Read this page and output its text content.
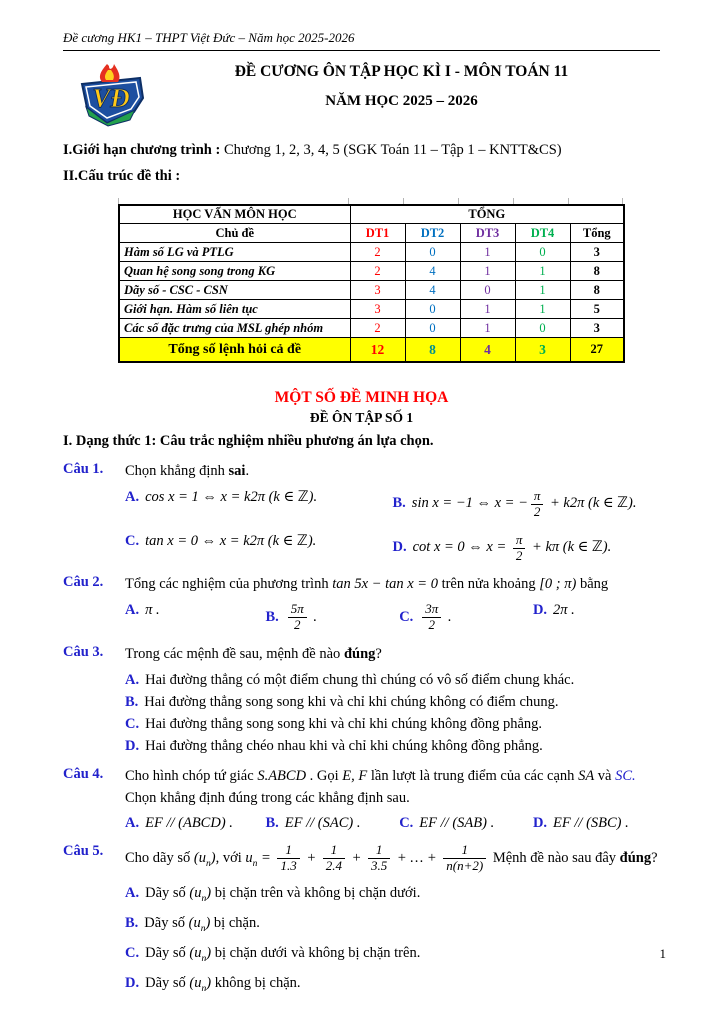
Đề cương HK1 – THPT Việt Đức – Năm học 2025-2026
VĐ
ĐỀ CƯƠNG ÔN TẬP HỌC KÌ I - MÔN TOÁN 11
NĂM HỌC 2025 – 2026

I.Giới hạn chương trình : Chương 1, 2, 3, 4, 5 (SGK Toán 11 – Tập 1 – KNTT&CS)

II.Cấu trúc đề thi :

HỌC VẤN MÔN HỌC	TỔNG				
Chủ đề	DT1	DT2	DT3	DT4	Tổng
Hàm số LG và PTLG	2	0	1	0	3
Quan hệ song song trong KG	2	4	1	1	8
Dãy số - CSC - CSN	3	4	0	1	8
Giới hạn. Hàm số liên tục	3	0	1	1	5
Các số đặc trưng của MSL ghép nhóm	2	0	1	0	3
Tổng số lệnh hỏi cả đề	12	8	4	3	27
MỘT SỐ ĐỀ MINH HỌA
ĐỀ ÔN TẬP SỐ 1
I. Dạng thức 1: Câu trắc nghiệm nhiều phương án lựa chọn.
Câu 1.	Chọn khẳng định sai.
A. cos x = 1 ⇔ x = k2π (k ∈ ℤ).	B. sin x = −1 ⇔ x = − $\frac{\pi}{2} + k2\pi$ (k ∈ ℤ).
C. tan x = 0 ⇔ x = k2π (k ∈ ℤ).	D. cot x = 0 ⇔ $x = \frac{\pi}{2} + k\pi$ (k ∈ ℤ).
Câu 2.	Tổng các nghiệm của phương trình tan 5x − tan x = 0 trên nửa khoảng [0 ; π) bằng
A. π .	B. $\frac{5\pi}{2}$ .	C. $\frac{3\pi}{2}$ .	D. 2π .
Câu 3.	Trong các mệnh đề sau, mệnh đề nào đúng?
A. Hai đường thẳng có một điểm chung thì chúng có vô số điểm chung khác.
B. Hai đường thẳng song song khi và chỉ khi chúng không có điểm chung.
C. Hai đường thẳng song song khi và chỉ khi chúng không đồng phẳng.
D. Hai đường thẳng chéo nhau khi và chỉ khi chúng không đồng phẳng.
Câu 4.	Cho hình chóp tứ giác S.ABCD . Gọi E, F lần lượt là trung điểm của các cạnh SA và SC.
Chọn khẳng định đúng trong các khẳng định sau.
A. EF // (ABCD) .	B. EF // (SAC) .	C. EF // (SAB) .	D. EF // (SBC) .
Câu 5.	Cho dãy số $(u_n)$, với $u_n = \frac{1}{1.3} + \frac{1}{2.4} + \frac{1}{3.5}$ + … + $\frac{1}{n(n+2)}$ Mệnh đề nào sau đây đúng?
A. Dãy số $(u_n)$ bị chặn trên và không bị chặn dưới.
B. Dãy số $(u_n)$ bị chặn.
C. Dãy số $(u_n)$ bị chặn dưới và không bị chặn trên.
D. Dãy số $(u_n)$ không bị chặn.
1
